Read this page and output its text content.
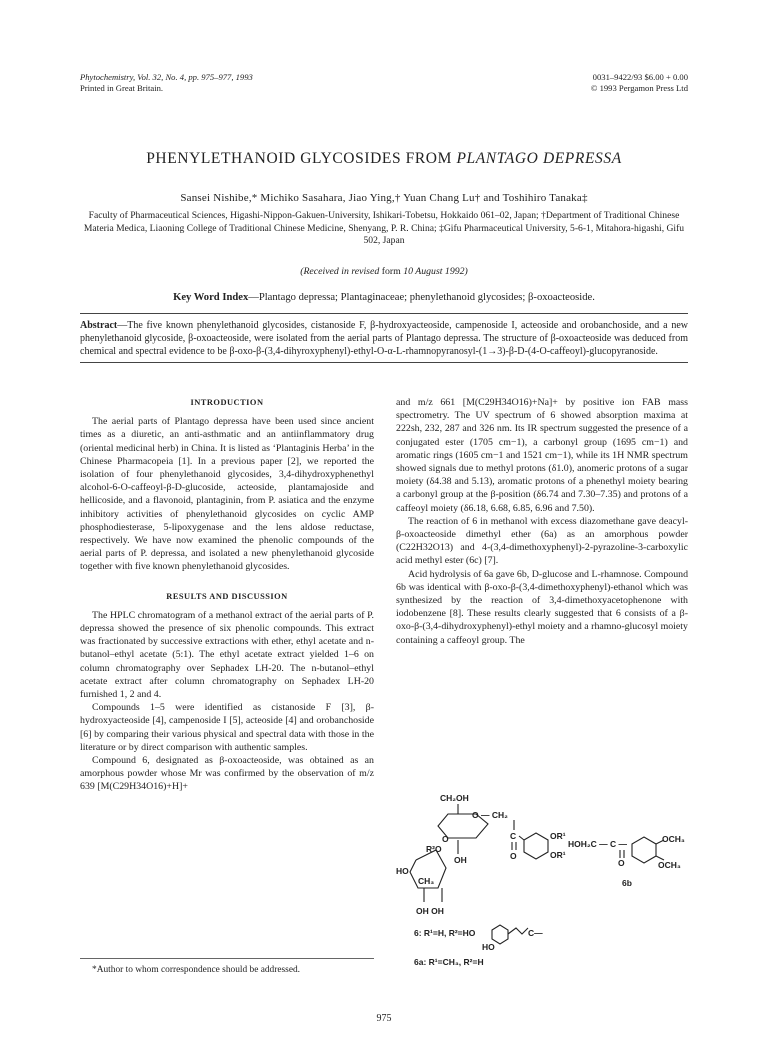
Phytochemistry, Vol. 32, No. 4, pp. 975–977, 1993
Printed in Great Britain.
0031–9422/93 $6.00 + 0.00
© 1993 Pergamon Press Ltd
PHENYLETHANOID GLYCOSIDES FROM PLANTAGO DEPRESSA
Sansei Nishibe,* Michiko Sasahara, Jiao Ying,† Yuan Chang Lu† and Toshihiro Tanaka‡
Faculty of Pharmaceutical Sciences, Higashi-Nippon-Gakuen-University, Ishikari-Tobetsu, Hokkaido 061–02, Japan; †Department of Traditional Chinese Materia Medica, Liaoning College of Traditional Chinese Medicine, Shenyang, P. R. China; ‡Gifu Pharmaceutical University, 5-6-1, Mitahora-higashi, Gifu 502, Japan
(Received in revised form 10 August 1992)
Key Word Index—Plantago depressa; Plantaginaceae; phenylethanoid glycosides; β-oxoacteoside.
Abstract—The five known phenylethanoid glycosides, cistanoside F, β-hydroxyacteoside, campenoside I, acteoside and orobanchoside, and a new phenylethanoid glycoside, β-oxoacteoside, were isolated from the aerial parts of Plantago depressa. The structure of β-oxoacteoside was deduced from chemical and spectral evidence to be β-oxo-β-(3,4-dihyroxyphenyl)-ethyl-O-α-L-rhamnopyranosyl-(1→3)-β-D-(4-O-caffeoyl)-glucopyranoside.
INTRODUCTION

The aerial parts of Plantago depressa have been used since ancient times as a diuretic, an anti-asthmatic and an antiinflammatory drug (oriental medicinal herb) in China. It is listed as ‘Plantaginis Herba’ in the Chinese Pharmacopeia [1]. In a previous paper [2], we reported the isolation of four phenylethanoid glycosides, 3,4-dihydroxyphenethyl alcohol-6-O-caffeoyl-β-D-glucoside, acteoside, plantamajoside and hellicoside, and a flavonoid, plantaginin, from P. asiatica and the enzyme inhibitory activities of phenylethanoid glycosides on cyclic AMP phosphodiesterase, 5-lipoxygenase and the lens aldose reductase, respectively. We have now examined the phenolic compounds of the aerial parts of P. depressa, and isolated a new phenylethanoid glycoside together with five known phenylethanoid glycosides.

RESULTS AND DISCUSSION

The HPLC chromatogram of a methanol extract of the aerial parts of P. depressa showed the presence of six phenolic compounds. This extract was fractionated by successive extractions with ether, ethyl acetate and n-butanol–ethyl acetate (5:1). The ethyl acetate extract yielded 1–6 on column chromatography over Sephadex LH-20. The n-butanol–ethyl acetate extract after column chromatography on Sephadex LH-20 furnished 1, 2 and 4.

Compounds 1–5 were identified as cistanoside F [3], β-hydroxyacteoside [4], campenoside I [5], acteoside [4] and orobanchoside [6] by comparing their various physical and spectral data with those in the literature or by direct comparison with authentic samples.

Compound 6, designated as β-oxoacteoside, was obtained as an amorphous powder whose Mr was confirmed by the observation of m/z 639 [M(C29H34O16)+H]+

*Author to whom correspondence should be addressed.

and m/z 661 [M(C29H34O16)+Na]+ by positive ion FAB mass spectrometry. The UV spectrum of 6 showed absorption maxima at 222sh, 232, 287 and 326 nm. Its IR spectrum suggested the presence of a conjugated ester (1705 cm−1), a carbonyl group (1695 cm−1) and aromatic rings (1605 cm−1 and 1521 cm−1), while its 1H NMR spectrum showed signals due to methyl protons (δ1.0), anomeric protons of a sugar moiety (δ4.38 and 5.13), aromatic protons of a phenethyl moiety bearing a carbonyl group at the β-position (δ6.74 and 7.30–7.35) and protons of a caffeoyl moiety (δ6.18, 6.68, 6.85, 6.96 and 7.50).

The reaction of 6 in methanol with excess diazomethane gave deacyl-β-oxoacteoside dimethyl ether (6a) as an amorphous powder (C22H32O13) and 4-(3,4-dimethoxyphenyl)-2-pyrazoline-3-carboxylic acid methyl ester (6c) [7].

Acid hydrolysis of 6a gave 6b, D-glucose and L-rhamnose. Compound 6b was identical with β-oxo-β-(3,4-dimethoxyphenyl)-ethanol which was synthesized by the reaction of 3,4-dimethoxyacetophenone with iodobenzene [8]. These results clearly suggested that 6 consists of a β-oxo-β-(3,4-dihydroxyphenyl)-ethyl moiety and a rhamno-glucosyl moiety containing a caffeoyl group. The

CH₂OH
O — CH₂
C
O
OR¹
OR¹
R²O
O
OH
HO
CH₃
OH OH
6: R¹=H, R²=HO	C—
HO
6a: R¹=CH₃, R²=H
HOH₂C — C —
O
OCH₃
OCH₃
6b
975
